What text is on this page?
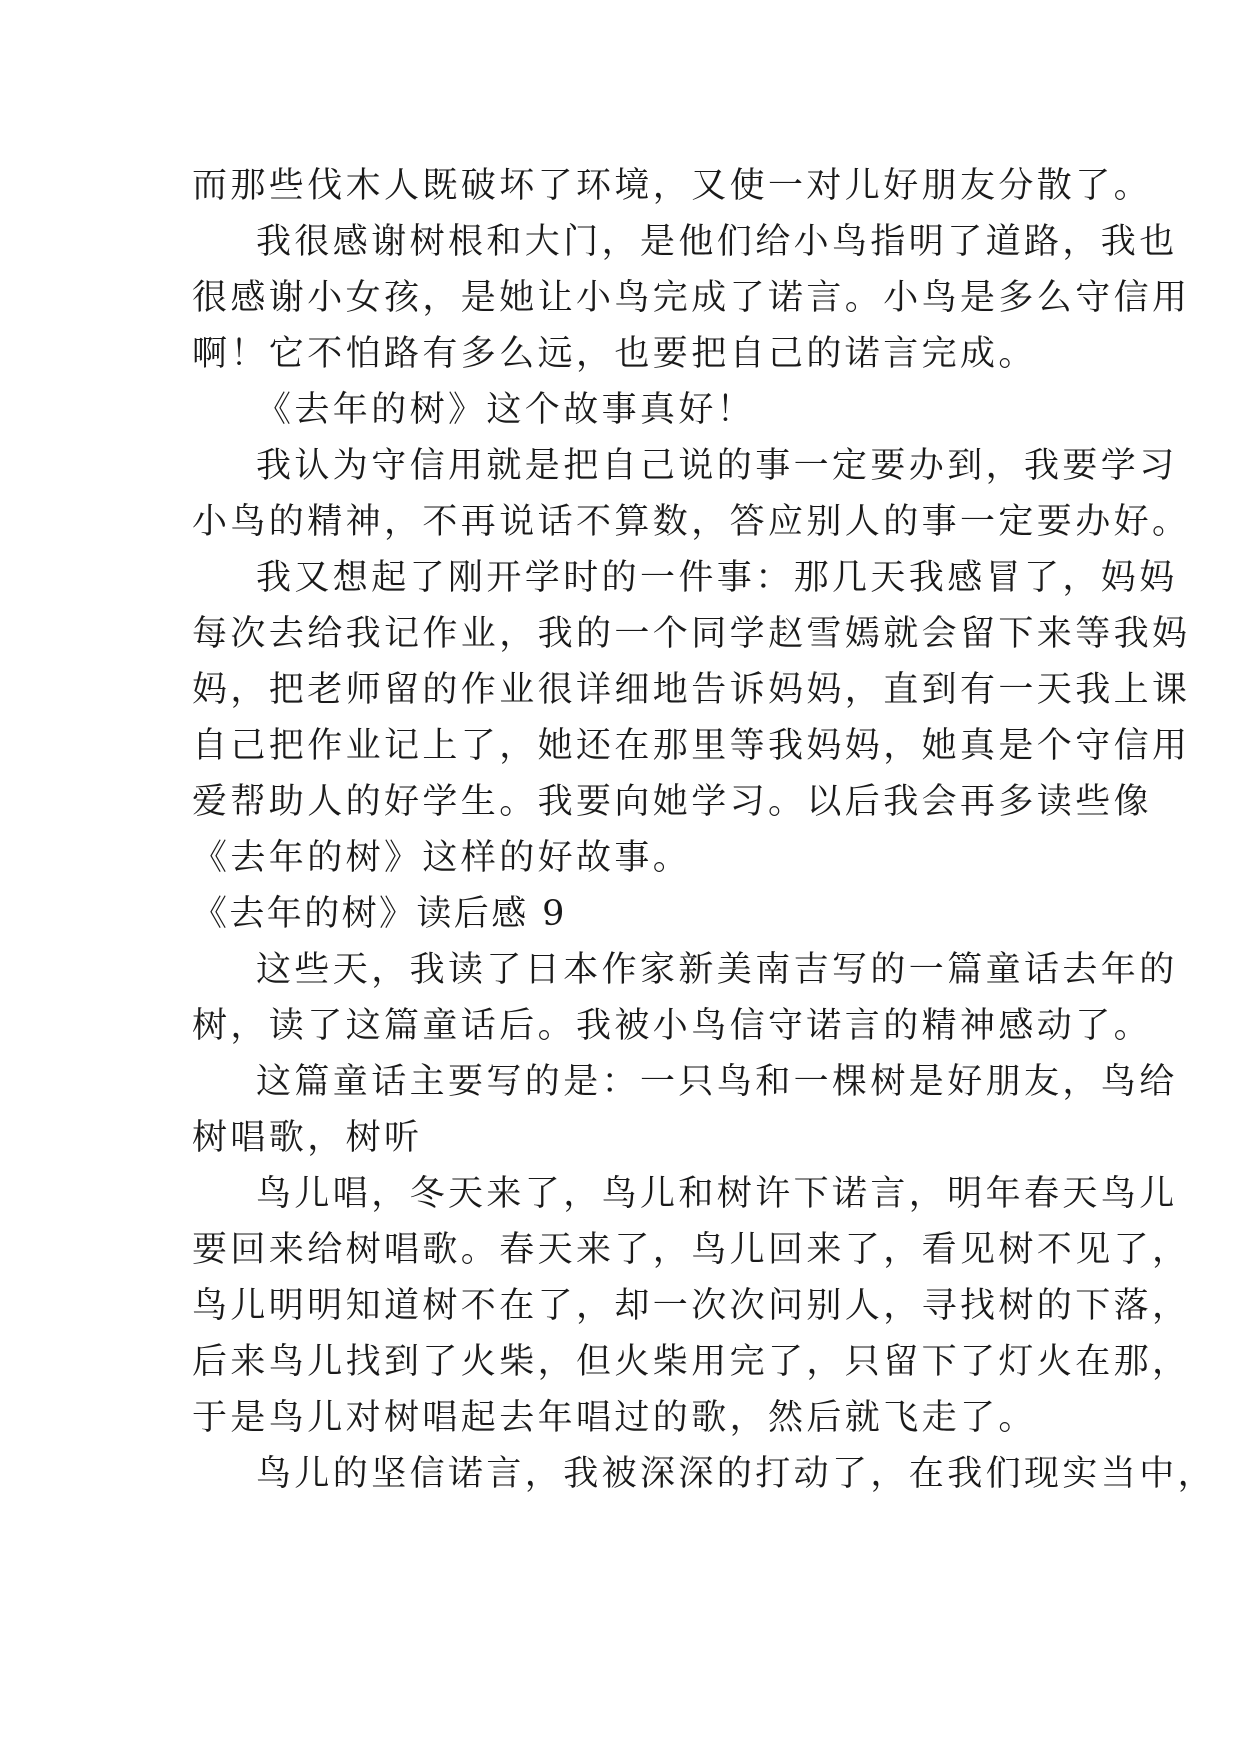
而那些伐木人既破坏了环境，又使一对儿好朋友分散了。
我很感谢树根和大门，是他们给小鸟指明了道路，我也
很感谢小女孩，是她让小鸟完成了诺言。小鸟是多么守信用
啊！它不怕路有多么远，也要把自己的诺言完成。
《去年的树》这个故事真好！
我认为守信用就是把自己说的事一定要办到，我要学习
小鸟的精神，不再说话不算数，答应别人的事一定要办好。
我又想起了刚开学时的一件事：那几天我感冒了，妈妈
每次去给我记作业，我的一个同学赵雪嫣就会留下来等我妈
妈，把老师留的作业很详细地告诉妈妈，直到有一天我上课
自己把作业记上了，她还在那里等我妈妈，她真是个守信用
爱帮助人的好学生。我要向她学习。以后我会再多读些像
《去年的树》这样的好故事。
《去年的树》读后感 9
这些天，我读了日本作家新美南吉写的一篇童话去年的
树，读了这篇童话后。我被小鸟信守诺言的精神感动了。
这篇童话主要写的是：一只鸟和一棵树是好朋友，鸟给
树唱歌，树听
鸟儿唱，冬天来了，鸟儿和树许下诺言，明年春天鸟儿
要回来给树唱歌。春天来了，鸟儿回来了，看见树不见了，
鸟儿明明知道树不在了，却一次次问别人，寻找树的下落，
后来鸟儿找到了火柴，但火柴用完了，只留下了灯火在那，
于是鸟儿对树唱起去年唱过的歌，然后就飞走了。
鸟儿的坚信诺言，我被深深的打动了，在我们现实当中，
